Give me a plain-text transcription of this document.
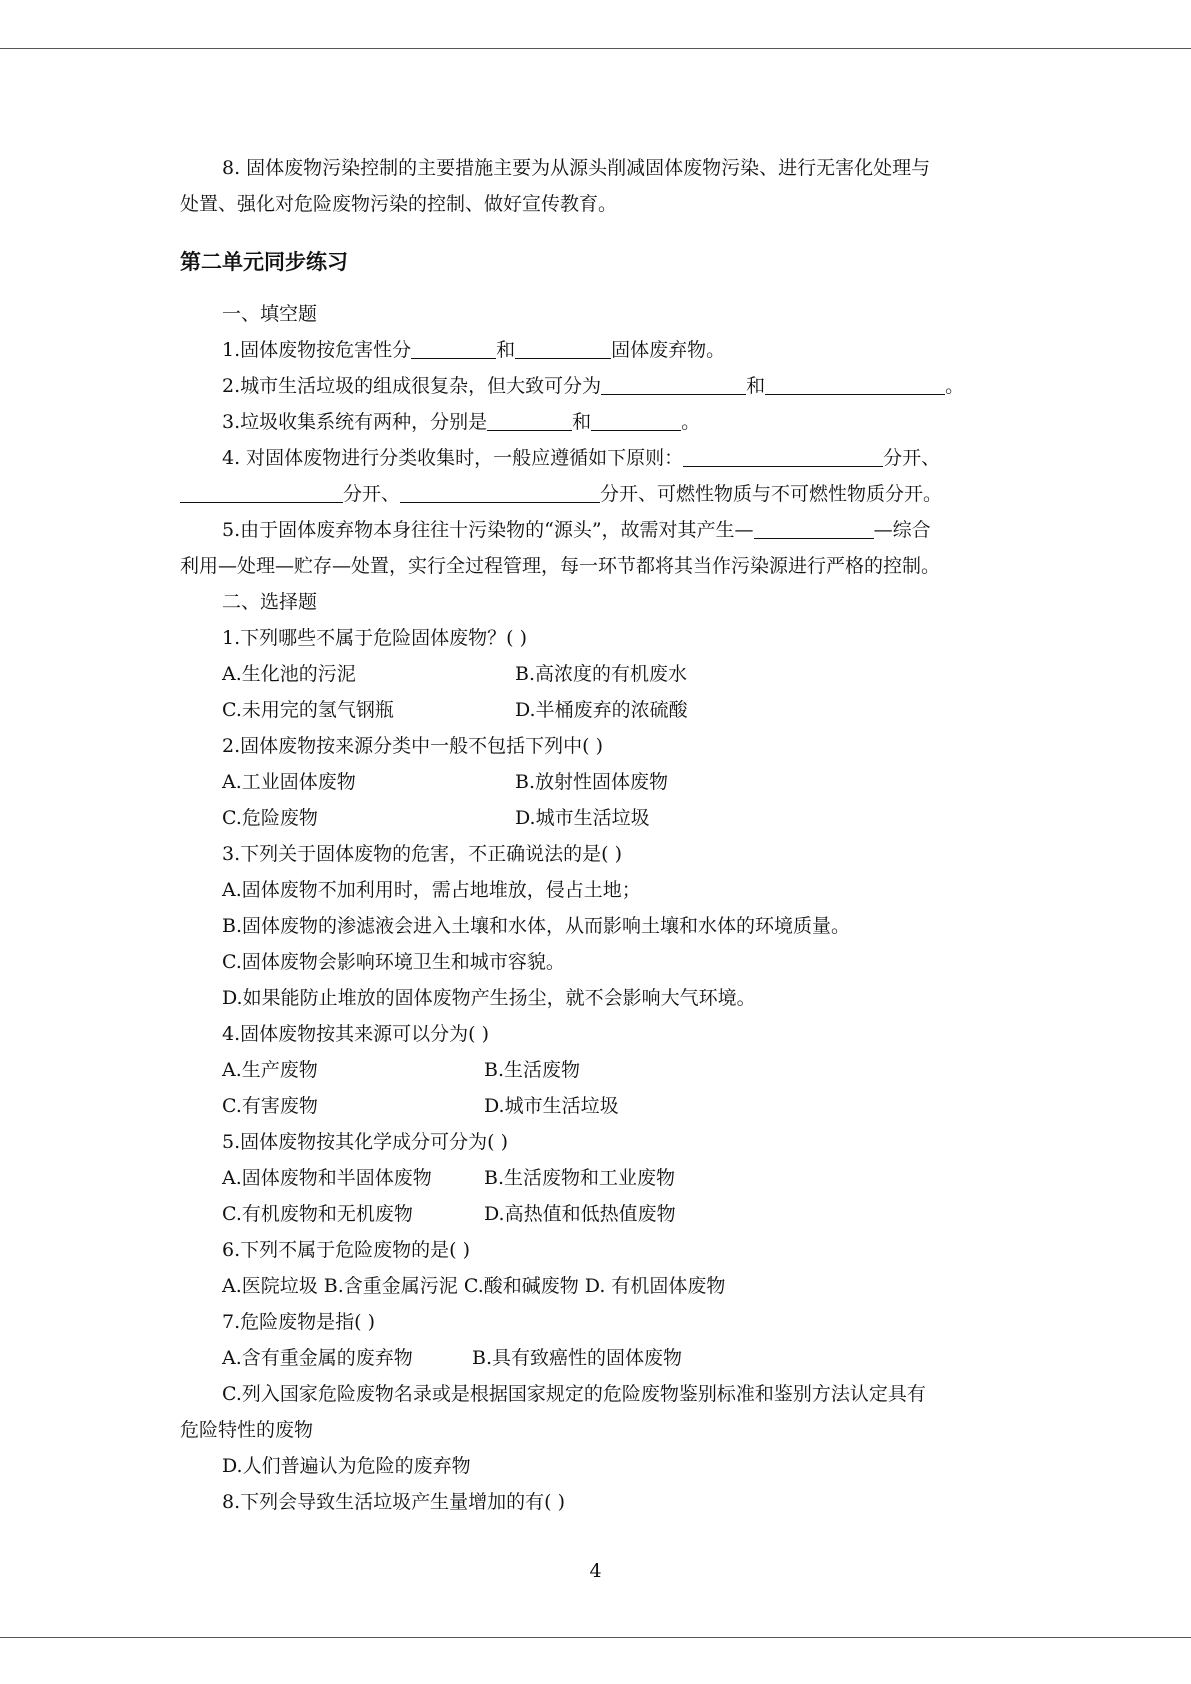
8. 固体废物污染控制的主要措施主要为从源头削减固体废物污染、进行无害化处理与
处置、强化对危险废物污染的控制、做好宣传教育。
第二单元同步练习
一、填空题
1.固体废物按危害性分	和	固体废弃物。
2.城市生活垃圾的组成很复杂，但大致可分为	和	。
3.垃圾收集系统有两种，分别是	和	。
4. 对固体废物进行分类收集时，一般应遵循如下原则：	分开、
分开、	分开、可燃性物质与不可燃性物质分开。
5.由于固体废弃物本身往往十污染物的“源头”，故需对其产生—	—综合
利用—处理—贮存—处置，实行全过程管理，每一环节都将其当作污染源进行严格的控制。
二、选择题
1.下列哪些不属于危险固体废物？( )
A.生化池的污泥	B.高浓度的有机废水
C.未用完的氢气钢瓶	D.半桶废弃的浓硫酸
2.固体废物按来源分类中一般不包括下列中( )
A.工业固体废物	B.放射性固体废物
C.危险废物	D.城市生活垃圾
3.下列关于固体废物的危害，不正确说法的是( )
A.固体废物不加利用时，需占地堆放，侵占土地；
B.固体废物的渗滤液会进入土壤和水体，从而影响土壤和水体的环境质量。
C.固体废物会影响环境卫生和城市容貌。
D.如果能防止堆放的固体废物产生扬尘，就不会影响大气环境。
4.固体废物按其来源可以分为( )
A.生产废物	B.生活废物
C.有害废物	D.城市生活垃圾
5.固体废物按其化学成分可分为( )
A.固体废物和半固体废物	B.生活废物和工业废物
C.有机废物和无机废物	D.高热值和低热值废物
6.下列不属于危险废物的是( )
A.医院垃圾 B.含重金属污泥 C.酸和碱废物 D. 有机固体废物
7.危险废物是指( )
A.含有重金属的废弃物	B.具有致癌性的固体废物
C.列入国家危险废物名录或是根据国家规定的危险废物鉴别标准和鉴别方法认定具有
危险特性的废物
D.人们普遍认为危险的废弃物
8.下列会导致生活垃圾产生量增加的有( )
4
